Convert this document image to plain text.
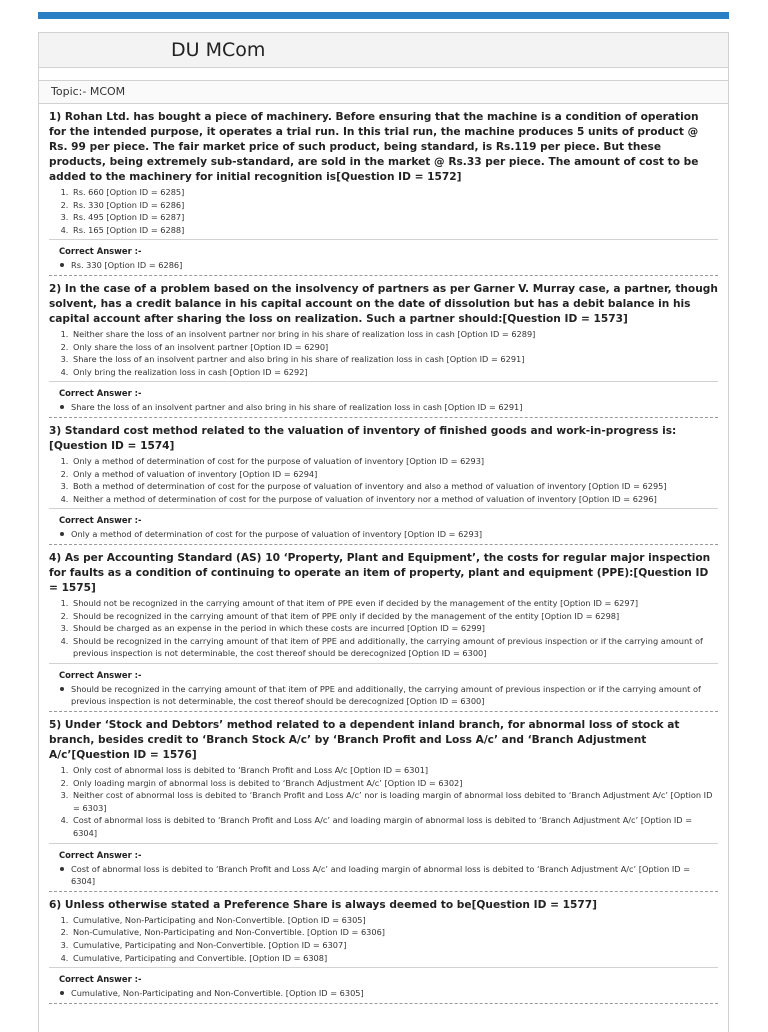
DU MCom
Topic:- MCOM
1) Rohan Ltd. has bought a piece of machinery. Before ensuring that the machine is a condition of operation for the intended purpose, it operates a trial run. In this trial run, the machine produces 5 units of product @ Rs. 99 per piece. The fair market price of such product, being standard, is Rs.119 per piece. But these products, being extremely sub-standard, are sold in the market @ Rs.33 per piece. The amount of cost to be added to the machinery for initial recognition is[Question ID = 1572]
1. Rs. 660 [Option ID = 6285]
2. Rs. 330 [Option ID = 6286]
3. Rs. 495 [Option ID = 6287]
4. Rs. 165 [Option ID = 6288]
Correct Answer :-
Rs. 330 [Option ID = 6286]
2) In the case of a problem based on the insolvency of partners as per Garner V. Murray case, a partner, though solvent, has a credit balance in his capital account on the date of dissolution but has a debit balance in his capital account after sharing the loss on realization. Such a partner should:[Question ID = 1573]
1. Neither share the loss of an insolvent partner nor bring in his share of realization loss in cash [Option ID = 6289]
2. Only share the loss of an insolvent partner [Option ID = 6290]
3. Share the loss of an insolvent partner and also bring in his share of realization loss in cash [Option ID = 6291]
4. Only bring the realization loss in cash [Option ID = 6292]
Correct Answer :-
Share the loss of an insolvent partner and also bring in his share of realization loss in cash [Option ID = 6291]
3) Standard cost method related to the valuation of inventory of finished goods and work-in-progress is:[Question ID = 1574]
1. Only a method of determination of cost for the purpose of valuation of inventory [Option ID = 6293]
2. Only a method of valuation of inventory [Option ID = 6294]
3. Both a method of determination of cost for the purpose of valuation of inventory and also a method of valuation of inventory [Option ID = 6295]
4. Neither a method of determination of cost for the purpose of valuation of inventory nor a method of valuation of inventory [Option ID = 6296]
Correct Answer :-
Only a method of determination of cost for the purpose of valuation of inventory [Option ID = 6293]
4) As per Accounting Standard (AS) 10 ‘Property, Plant and Equipment’, the costs for regular major inspection for faults as a condition of continuing to operate an item of property, plant and equipment (PPE):[Question ID = 1575]
1. Should not be recognized in the carrying amount of that item of PPE even if decided by the management of the entity [Option ID = 6297]
2. Should be recognized in the carrying amount of that item of PPE only if decided by the management of the entity [Option ID = 6298]
3. Should be charged as an expense in the period in which these costs are incurred [Option ID = 6299]
4. Should be recognized in the carrying amount of that item of PPE and additionally, the carrying amount of previous inspection or if the carrying amount of previous inspection is not determinable, the cost thereof should be derecognized [Option ID = 6300]
Correct Answer :-
Should be recognized in the carrying amount of that item of PPE and additionally, the carrying amount of previous inspection or if the carrying amount of previous inspection is not determinable, the cost thereof should be derecognized [Option ID = 6300]
5) Under ‘Stock and Debtors’ method related to a dependent inland branch, for abnormal loss of stock at branch, besides credit to ‘Branch Stock A/c’ by ‘Branch Profit and Loss A/c’ and ‘Branch Adjustment A/c’[Question ID = 1576]
1. Only cost of abnormal loss is debited to ‘Branch Profit and Loss A/c [Option ID = 6301]
2. Only loading margin of abnormal loss is debited to ‘Branch Adjustment A/c’ [Option ID = 6302]
3. Neither cost of abnormal loss is debited to ‘Branch Profit and Loss A/c’ nor is loading margin of abnormal loss debited to ‘Branch Adjustment A/c’ [Option ID = 6303]
4. Cost of abnormal loss is debited to ‘Branch Profit and Loss A/c’ and loading margin of abnormal loss is debited to ‘Branch Adjustment A/c’ [Option ID = 6304]
Correct Answer :-
Cost of abnormal loss is debited to ‘Branch Profit and Loss A/c’ and loading margin of abnormal loss is debited to ‘Branch Adjustment A/c’ [Option ID = 6304]
6) Unless otherwise stated a Preference Share is always deemed to be[Question ID = 1577]
1. Cumulative, Non-Participating and Non-Convertible. [Option ID = 6305]
2. Non-Cumulative, Non-Participating and Non-Convertible. [Option ID = 6306]
3. Cumulative, Participating and Non-Convertible. [Option ID = 6307]
4. Cumulative, Participating and Convertible. [Option ID = 6308]
Correct Answer :-
Cumulative, Non-Participating and Non-Convertible. [Option ID = 6305]
